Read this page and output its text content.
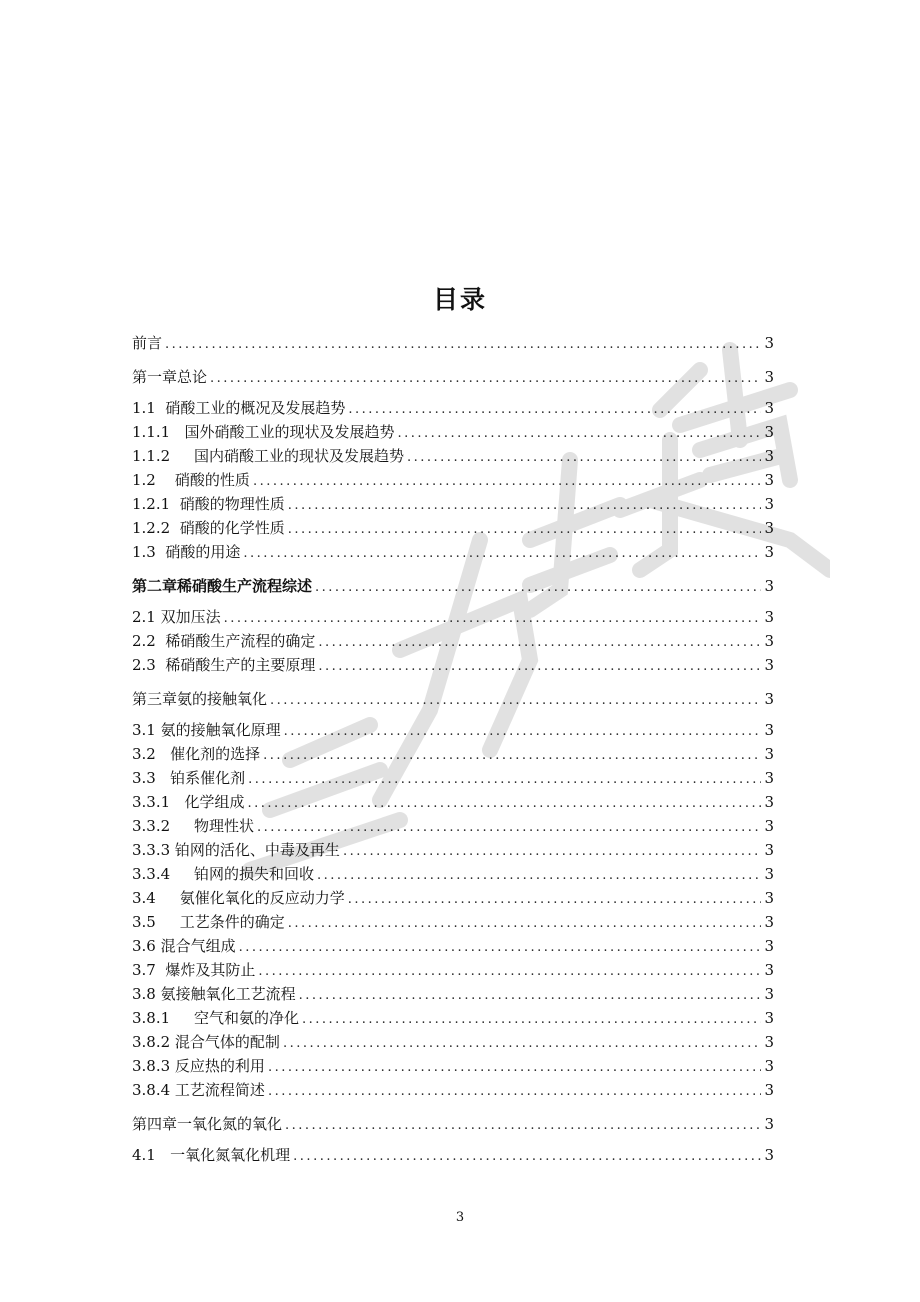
目录
前言 .....	3
第一章总论 .....	3
1.1  硝酸工业的概况及发展趋势 .....	3
1.1.1   国外硝酸工业的现状及发展趋势 .....	3
1.1.2     国内硝酸工业的现状及发展趋势 .....	3
1.2    硝酸的性质 .....	3
1.2.1  硝酸的物理性质 .....	3
1.2.2  硝酸的化学性质 .....	3
1.3  硝酸的用途 .....	3
第二章稀硝酸生产流程综述 .....	3
2.1 双加压法 .....	3
2.2  稀硝酸生产流程的确定 .....	3
2.3  稀硝酸生产的主要原理 .....	3
第三章氨的接触氧化 .....	3
3.1 氨的接触氧化原理 .....	3
3.2   催化剂的选择 .....	3
3.3   铂系催化剂 .....	3
3.3.1   化学组成 .....	3
3.3.2     物理性状 .....	3
3.3.3 铂网的活化、中毒及再生 .....	3
3.3.4     铂网的损失和回收 .....	3
3.4     氨催化氧化的反应动力学 .....	3
3.5     工艺条件的确定 .....	3
3.6 混合气组成 .....	3
3.7  爆炸及其防止 .....	3
3.8 氨接触氧化工艺流程 .....	3
3.8.1     空气和氨的净化 .....	3
3.8.2 混合气体的配制 .....	3
3.8.3 反应热的利用 .....	3
3.8.4 工艺流程简述 .....	3
第四章一氧化氮的氧化 .....	3
4.1   一氧化氮氧化机理 .....	3
3
